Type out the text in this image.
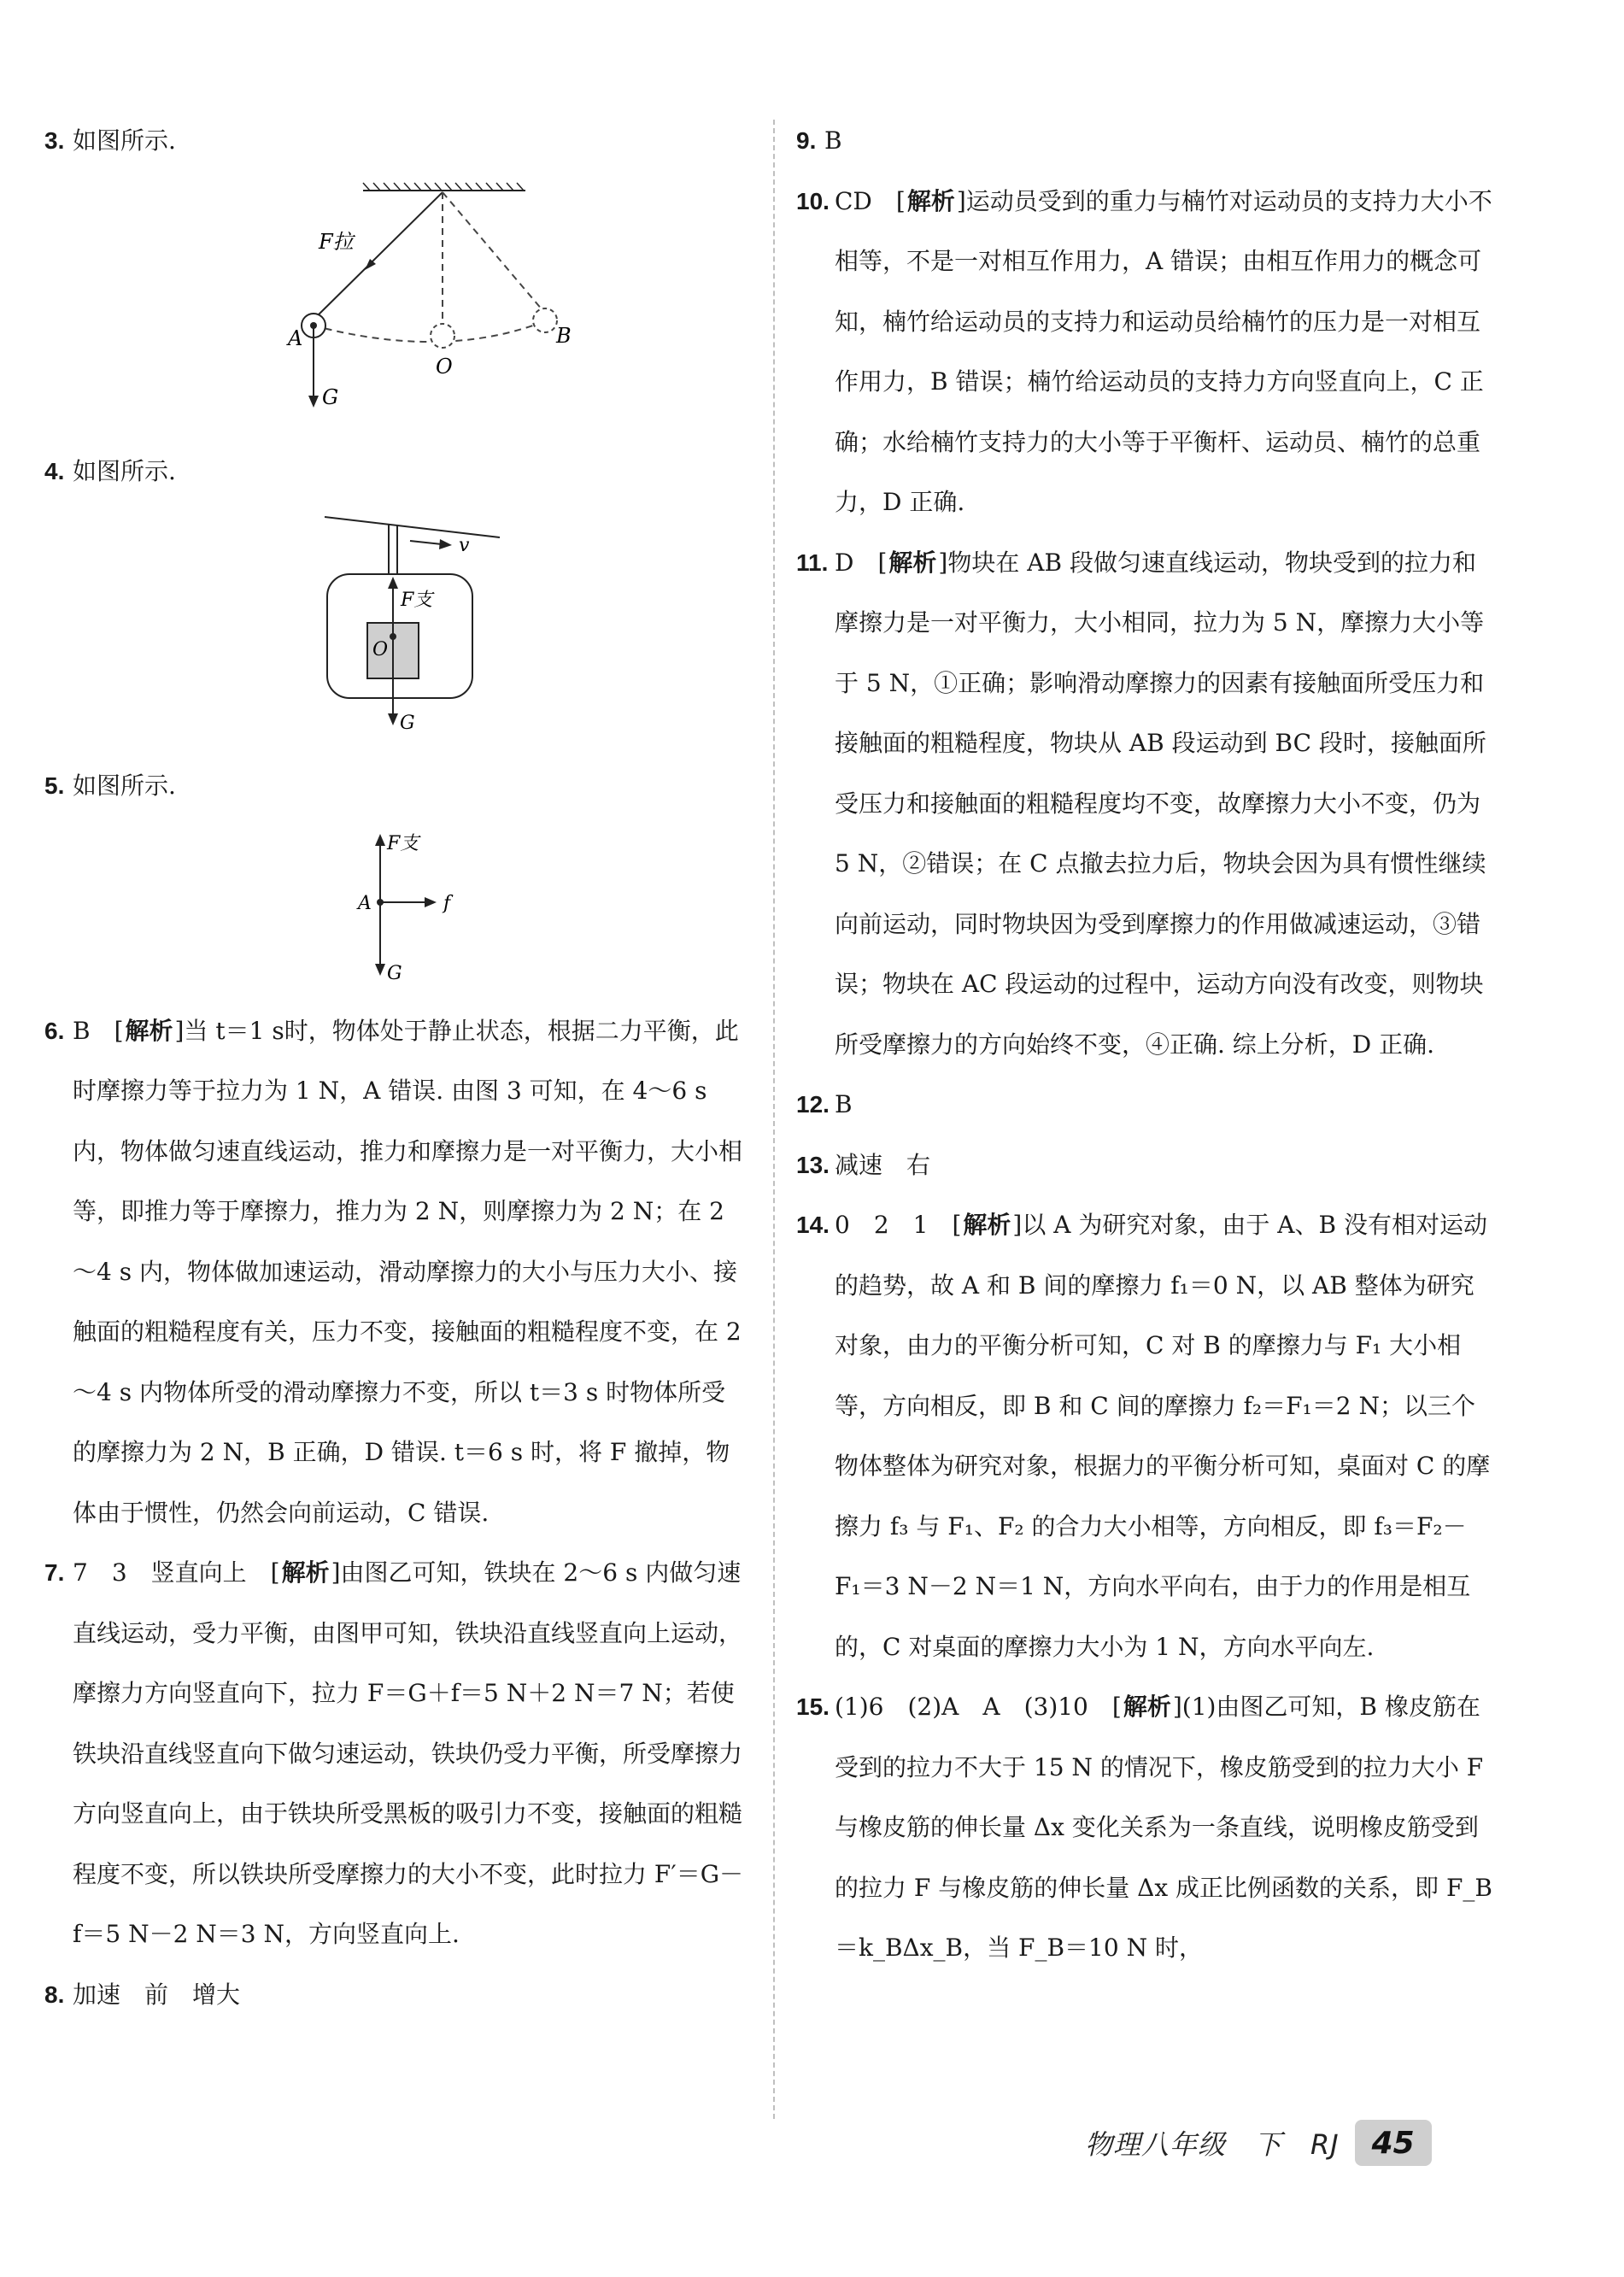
3. 如图所示.
F拉
A	B
O
G
4. 如图所示.
v
F支
O
G
5. 如图所示.
F支
A	f
G
6. B　[解析]当 t＝1 s时，物体处于静止状态，根据二力平衡，此时摩擦力等于拉力为 1 N，A 错误. 由图 3 可知，在 4～6 s 内，物体做匀速直线运动，推力和摩擦力是一对平衡力，大小相等，即推力等于摩擦力，推力为 2 N，则摩擦力为 2 N；在 2～4 s 内，物体做加速运动，滑动摩擦力的大小与压力大小、接触面的粗糙程度有关，压力不变，接触面的粗糙程度不变，在 2～4 s 内物体所受的滑动摩擦力不变，所以 t＝3 s 时物体所受的摩擦力为 2 N，B 正确，D 错误. t＝6 s 时，将 F 撤掉，物体由于惯性，仍然会向前运动，C 错误.
7. 7　3　竖直向上　[解析]由图乙可知，铁块在 2～6 s 内做匀速直线运动，受力平衡，由图甲可知，铁块沿直线竖直向上运动，摩擦力方向竖直向下，拉力 F＝G＋f＝5 N＋2 N＝7 N；若使铁块沿直线竖直向下做匀速运动，铁块仍受力平衡，所受摩擦力方向竖直向上，由于铁块所受黑板的吸引力不变，接触面的粗糙程度不变，所以铁块所受摩擦力的大小不变，此时拉力 F′＝G－f＝5 N－2 N＝3 N，方向竖直向上.
8. 加速　前　增大
9. B
10. CD　[解析]运动员受到的重力与楠竹对运动员的支持力大小不相等，不是一对相互作用力，A 错误；由相互作用力的概念可知，楠竹给运动员的支持力和运动员给楠竹的压力是一对相互作用力，B 错误；楠竹给运动员的支持力方向竖直向上，C 正确；水给楠竹支持力的大小等于平衡杆、运动员、楠竹的总重力，D 正确.
11. D　[解析]物块在 AB 段做匀速直线运动，物块受到的拉力和摩擦力是一对平衡力，大小相同，拉力为 5 N，摩擦力大小等于 5 N，①正确；影响滑动摩擦力的因素有接触面所受压力和接触面的粗糙程度，物块从 AB 段运动到 BC 段时，接触面所受压力和接触面的粗糙程度均不变，故摩擦力大小不变，仍为 5 N，②错误；在 C 点撤去拉力后，物块会因为具有惯性继续向前运动，同时物块因为受到摩擦力的作用做减速运动，③错误；物块在 AC 段运动的过程中，运动方向没有改变，则物块所受摩擦力的方向始终不变，④正确. 综上分析，D 正确.
12. B
13. 减速　右
14. 0　2　1　[解析]以 A 为研究对象，由于 A、B 没有相对运动的趋势，故 A 和 B 间的摩擦力 f₁＝0 N，以 AB 整体为研究对象，由力的平衡分析可知，C 对 B 的摩擦力与 F₁ 大小相等，方向相反，即 B 和 C 间的摩擦力 f₂＝F₁＝2 N；以三个物体整体为研究对象，根据力的平衡分析可知，桌面对 C 的摩擦力 f₃ 与 F₁、F₂ 的合力大小相等，方向相反，即 f₃＝F₂－F₁＝3 N－2 N＝1 N，方向水平向右，由于力的作用是相互的，C 对桌面的摩擦力大小为 1 N，方向水平向左.
15. (1)6　(2)A　A　(3)10　[解析](1)由图乙可知，B 橡皮筋在受到的拉力不大于 15 N 的情况下，橡皮筋受到的拉力大小 F 与橡皮筋的伸长量 Δx 变化关系为一条直线，说明橡皮筋受到的拉力 F 与橡皮筋的伸长量 Δx 成正比例函数的关系，即 F_B＝k_BΔx_B，当 F_B＝10 N 时，
物理八年级　下　RJ	45
